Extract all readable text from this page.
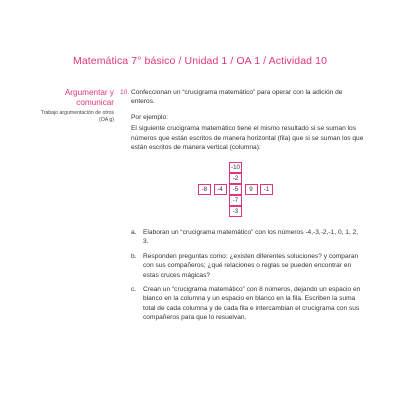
Matemática 7° básico / Unidad 1 / OA 1 / Actividad 10
Argumentar y comunicar
Trabajo argumentación de otros (OA g)
10. Confeccionan un “crucigrama matemático” para operar con la adición de enteros.
Por ejemplo:
El siguiente crucigrama matemático tiene el mismo resultado si se suman los números que están escritos de manera horizontal (fila) que si se suman los que están escritos de manera vertical (columna):
-10
-2
-8	-4	-5	9	-1
-7
-3
a. Elaboran un “crucigrama matemático” con los números -4,-3,-2,-1, 0, 1, 2, 3.
b. Responden preguntas como: ¿existen diferentes soluciones? y comparan con sus compañeros; ¿qué relaciones o reglas se pueden encontrar en estas cruces mágicas?
c.	Crean un “crucigrama matemático” con 8 números, dejando un espacio en blanco en la columna y un espacio en blanco en la fila. Escriben la suma total de cada columna y de cada fila e intercambian el crucigrama con sus compañeros para que lo resuelvan.
